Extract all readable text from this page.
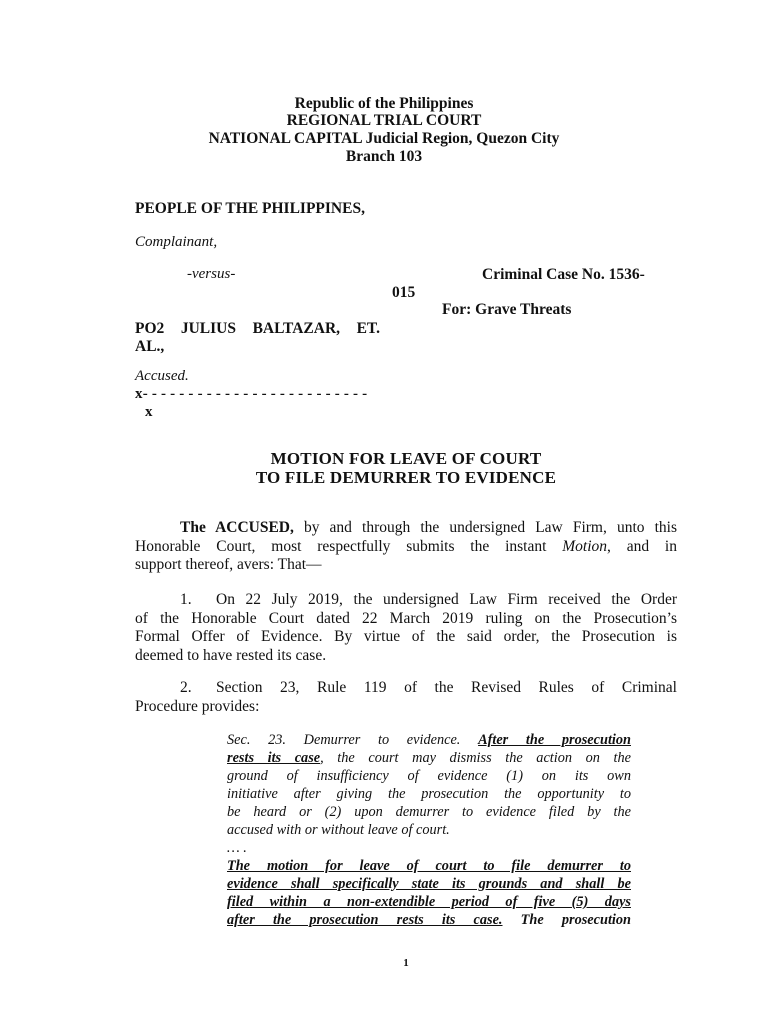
Republic of the Philippines
REGIONAL TRIAL COURT
NATIONAL CAPITAL Judicial Region, Quezon City
Branch 103
PEOPLE OF THE PHILIPPINES,
Complainant,
-versus-	Criminal Case No. 1536-
015
For: Grave Threats
PO2 JULIUS BALTAZAR, ET.
AL.,
Accused.
x- - - - - - - - - - - - - - - - - - - - - - - - -
x
MOTION FOR LEAVE OF COURT
TO FILE DEMURRER TO EVIDENCE
The ACCUSED, by and through the undersigned Law Firm, unto this
Honorable Court, most respectfully submits the instant Motion, and in
support thereof, avers: That—
1. On 22 July 2019, the undersigned Law Firm received the Order
of the Honorable Court dated 22 March 2019 ruling on the Prosecution’s
Formal Offer of Evidence. By virtue of the said order, the Prosecution is
deemed to have rested its case.
2. Section 23, Rule 119 of the Revised Rules of Criminal
Procedure provides:
Sec. 23. Demurrer to evidence. After the prosecution
rests its case, the court may dismiss the action on the
ground of insufficiency of evidence (1) on its own
initiative after giving the prosecution the opportunity to
be heard or (2) upon demurrer to evidence filed by the
accused with or without leave of court.
… .
The motion for leave of court to file demurrer to
evidence shall specifically state its grounds and shall be
filed within a non-extendible period of five (5) days
after the prosecution rests its case. The prosecution
1
